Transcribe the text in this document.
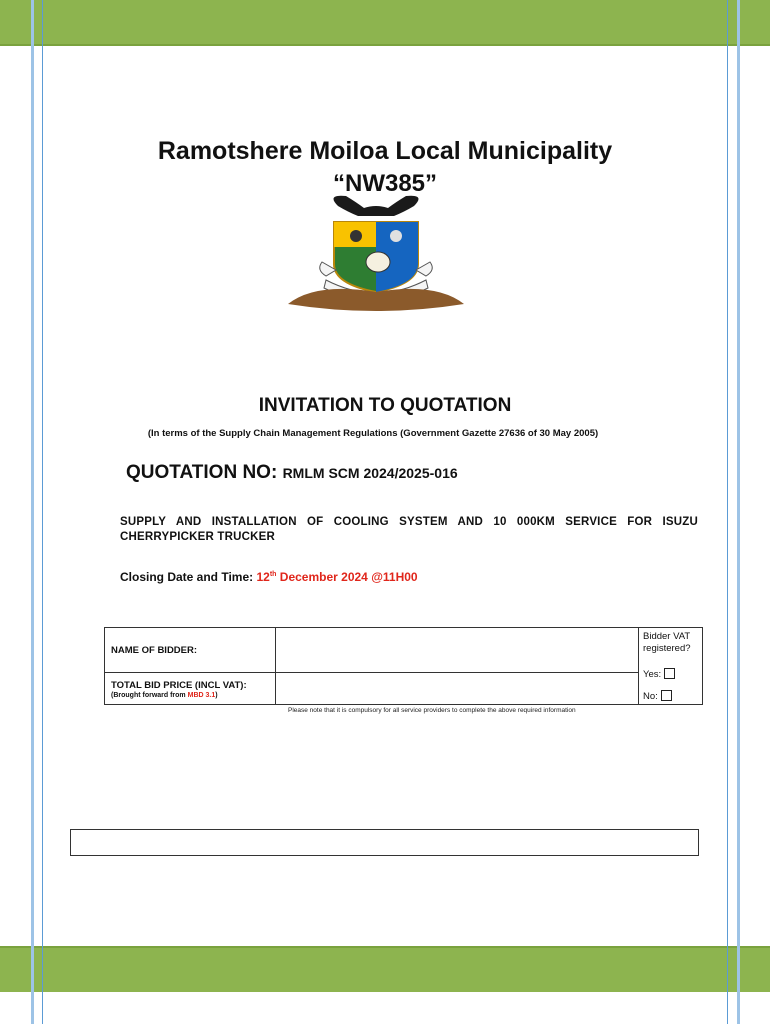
Ramotshere Moiloa Local Municipality
“NW385”
INVITATION TO QUOTATION
(In terms of the Supply Chain Management Regulations (Government Gazette 27636 of 30 May 2005)
QUOTATION NO: RMLM SCM 2024/2025-016
SUPPLY AND INSTALLATION OF COOLING SYSTEM AND 10 000KM SERVICE FOR ISUZU CHERRYPICKER TRUCKER
Closing Date and Time: 12th December 2024 @11H00
NAME OF BIDDER:
TOTAL BID PRICE (INCL VAT):
(Brought forward from MBD 3.1)
Bidder VAT registered?
Yes:
No:
Please note that it is compulsory for all service providers to complete the above required information
